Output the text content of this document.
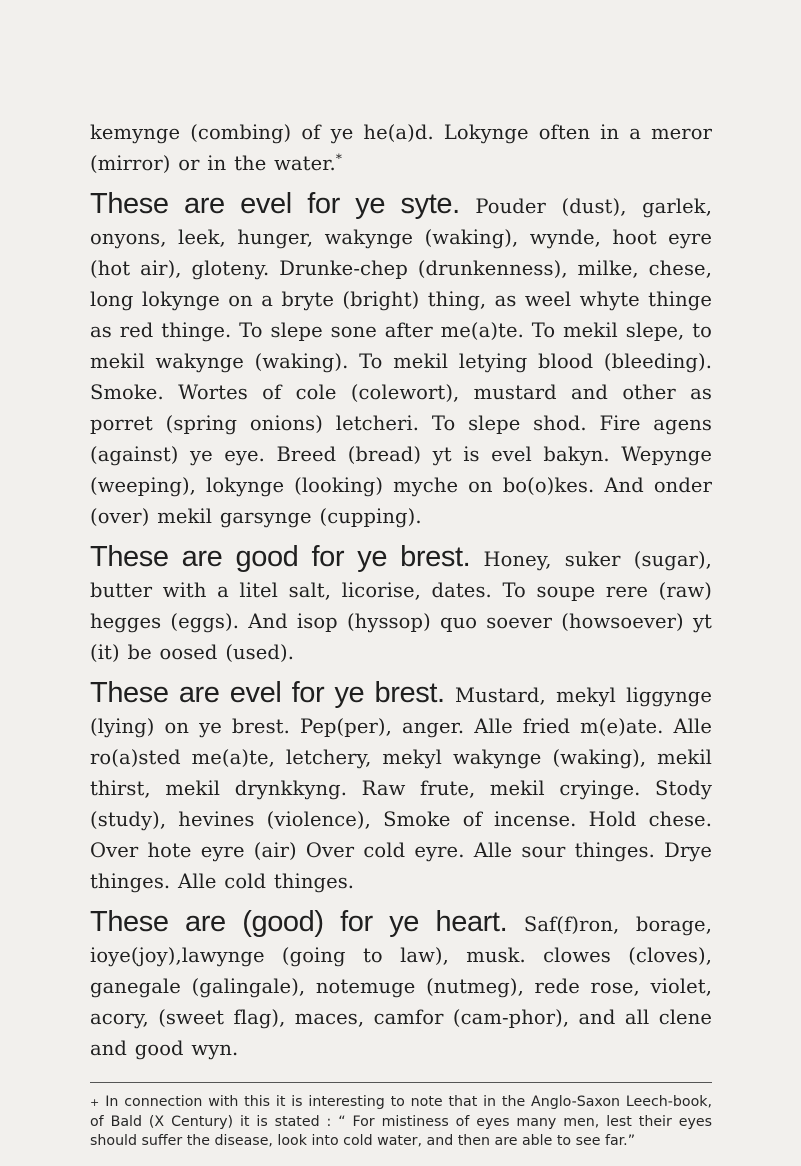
kemynge (combing) of ye he(a)d. Lokynge often in a meror (mirror) or in the water.*

These are evel for ye syte. Pouder (dust), garlek, onyons, leek, hunger, wakynge (waking), wynde, hoot eyre (hot air), gloteny. Drunke-chep (drunkenness), milke, chese, long lokynge on a bryte (bright) thing, as weel whyte thinge as red thinge. To slepe sone after me(a)te. To mekil slepe, to mekil wakynge (waking). To mekil letying blood (bleeding). Smoke. Wortes of cole (colewort), mustard and other as porret (spring onions) letcheri. To slepe shod. Fire agens (against) ye eye. Breed (bread) yt is evel bakyn. Wepynge (weeping), lokynge (looking) myche on bo(o)kes. And onder (over) mekil garsynge (cupping).

These are good for ye brest. Honey, suker (sugar), butter with a litel salt, licorise, dates. To soupe rere (raw) hegges (eggs). And isop (hyssop) quo soever (howsoever) yt (it) be oosed (used).

These are evel for ye brest. Mustard, mekyl liggynge (lying) on ye brest. Pep(per), anger. Alle fried m(e)ate. Alle ro(a)sted me(a)te, letchery, mekyl wakynge (waking), mekil thirst, mekil drynkkyng. Raw frute, mekil cryinge. Stody (study), hevines (violence), Smoke of incense. Hold chese. Over hote eyre (air) Over cold eyre. Alle sour thinges. Drye thinges. Alle cold thinges.

These are (good) for ye heart. Saf(f)ron, borage, ioye(joy),lawynge (going to law), musk. clowes (cloves), ganegale (galingale), notemuge (nutmeg), rede rose, violet, acory, (sweet flag), maces, camfor (cam-phor), and all clene and good wyn.

+ In connection with this it is interesting to note that in the Anglo-Saxon Leech-book, of Bald (X Century) it is stated : “ For mistiness of eyes many men, lest their eyes should suffer the disease, look into cold water, and then are able to see far.”
